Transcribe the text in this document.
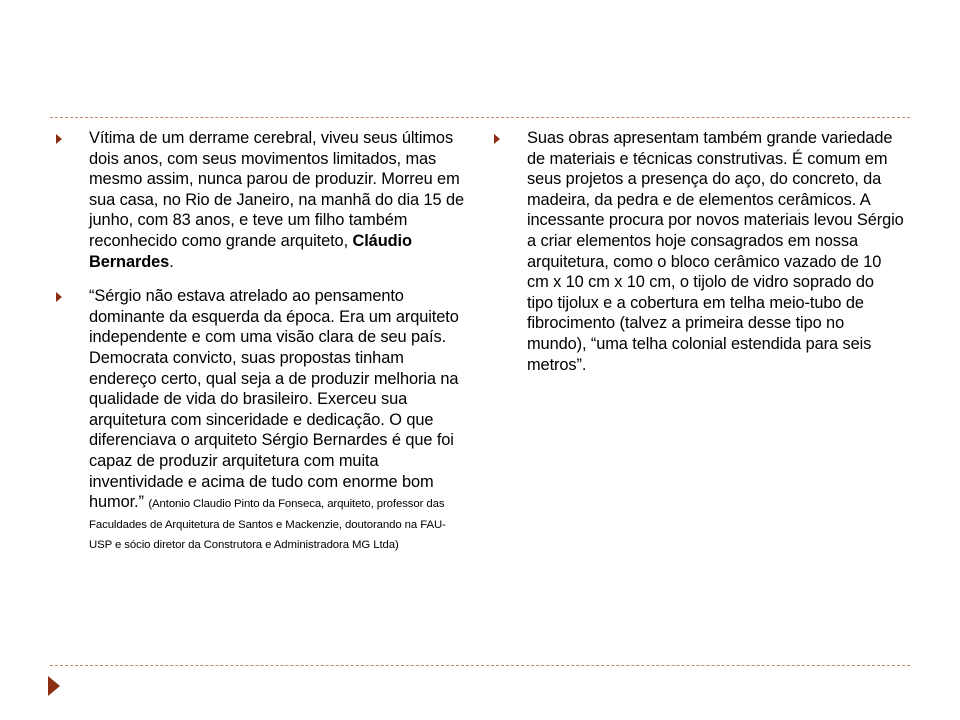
Vítima de um derrame cerebral, viveu seus últimos dois anos, com seus movimentos limitados, mas mesmo assim, nunca parou de produzir. Morreu em sua casa, no Rio de Janeiro, na manhã do dia 15 de junho, com 83 anos, e teve um filho também reconhecido como grande arquiteto, Cláudio Bernardes.
“Sérgio não estava atrelado ao pensamento dominante da esquerda da época. Era um arquiteto independente e com uma visão clara de seu país. Democrata convicto, suas propostas tinham endereço certo, qual seja a de produzir melhoria na qualidade de vida do brasileiro. Exerceu sua arquitetura com sinceridade e dedicação. O que diferenciava o arquiteto Sérgio Bernardes é que foi capaz de produzir arquitetura com muita inventividade e acima de tudo com enorme bom humor.” (Antonio Claudio Pinto da Fonseca, arquiteto, professor das Faculdades de Arquitetura de Santos e Mackenzie, doutorando na FAU-USP e sócio diretor da Construtora e Administradora MG Ltda)
Suas obras apresentam também grande variedade de materiais e técnicas construtivas. É comum em seus projetos a presença do aço, do concreto, da madeira, da pedra e de elementos cerâmicos. A incessante procura por novos materiais levou Sérgio a criar elementos hoje consagrados em nossa arquitetura, como o bloco cerâmico vazado de 10 cm x 10 cm x 10 cm, o tijolo de vidro soprado do tipo tijolux e a cobertura em telha meio-tubo de fibrocimento (talvez a primeira desse tipo no mundo), “uma telha colonial estendida para seis metros”.
